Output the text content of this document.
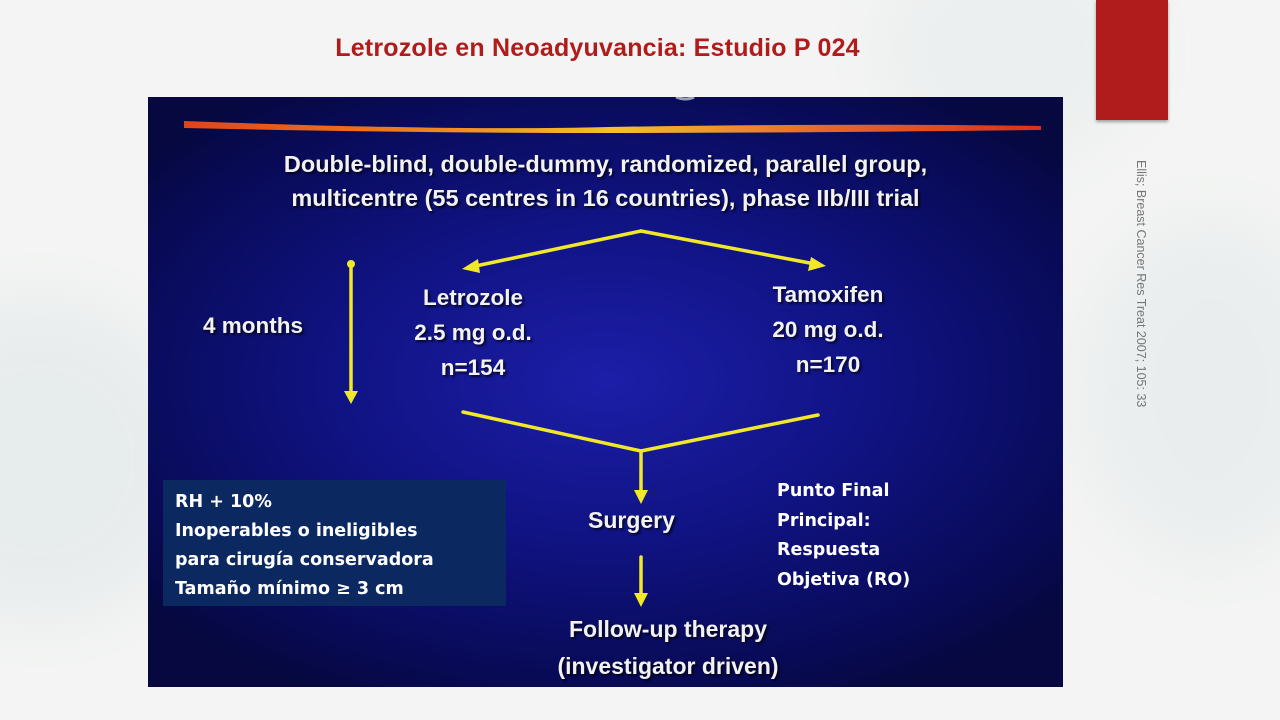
Letrozole en Neoadyuvancia: Estudio P 024
Ellis; Breast Cancer Res Treat 2007; 105: 33
Double-blind, double-dummy, randomized, parallel group,
multicentre (55 centres in 16 countries), phase IIb/III trial
4 months
Letrozole
2.5 mg o.d.
n=154
Tamoxifen
20 mg o.d.
n=170
Surgery
Follow-up therapy
(investigator driven)
RH + 10%
Inoperables o ineligibles
para cirugía conservadora
Tamaño mínimo ≥ 3 cm
Punto Final
Principal:
Respuesta
Objetiva (RO)
